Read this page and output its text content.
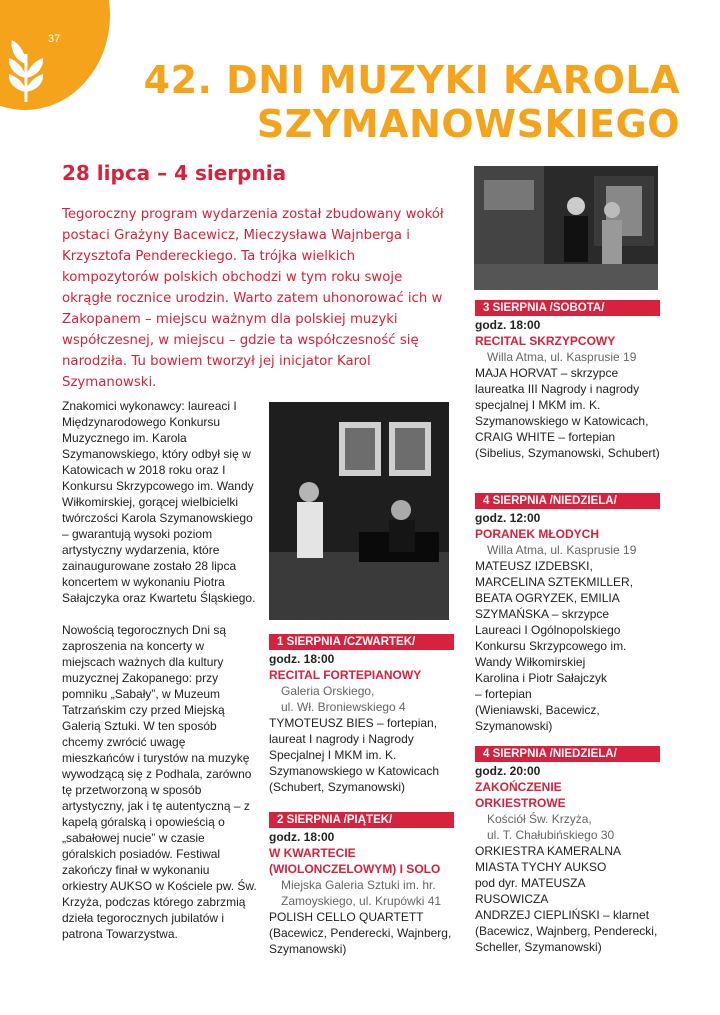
37
42. DNI MUZYKI KAROLA
SZYMANOWSKIEGO
28 lipca – 4 sierpnia

Tegoroczny program wydarzenia został zbudowany wokół postaci Grażyny Bacewicz, Mieczysława Wajnberga i Krzysztofa Pendereckiego. Ta trójka wielkich kompozytorów polskich obchodzi w tym roku swoje okrągłe rocznice urodzin. Warto zatem uhonorować ich w Zakopanem – miejscu ważnym dla polskiej muzyki współczesnej, w miejscu – gdzie ta współczesność się narodziła. Tu bowiem tworzył jej inicjator Karol Szymanowski.

Znakomici wykonawcy: laureaci I Międzynarodowego Konkursu Muzycznego im. Karola Szymanowskiego, który odbył się w Katowicach w 2018 roku oraz I Konkursu Skrzypcowego im. Wandy Wiłkomirskiej, gorącej wielbicielki twórczości Karola Szymanowskiego – gwarantują wysoki poziom artystyczny wydarzenia, które zainaugurowane zostało 28 lipca koncertem w wykonaniu Piotra Sałajczyka oraz Kwartetu Śląskiego.

Nowością tegorocznych Dni są zaproszenia na koncerty w miejscach ważnych dla kultury muzycznej Zakopanego: przy pomniku „Sabały”, w Muzeum Tatrzańskim czy przed Miejską Galerią Sztuki. W ten sposób chcemy zwrócić uwagę mieszkańców i turystów na muzykę wywodzącą się z Podhala, zarówno tę przetworzoną w sposób artystyczny, jak i tę autentyczną – z kapelą góralską i opowieścią o „sabałowej nucie” w czasie góralskich posiadów. Festiwal zakończy finał w wykonaniu orkiestry AUKSO w Kościele pw. Św. Krzyża, podczas którego zabrzmią dzieła tegorocznych jubilatów i patrona Towarzystwa.

1 SIERPNIA /CZWARTEK/
godz. 18:00
RECITAL FORTEPIANOWY
Galeria Orskiego,
ul. Wł. Broniewskiego 4
TYMOTEUSZ BIES – fortepian, laureat I nagrody i Nagrody Specjalnej I MKM im. K. Szymanowskiego w Katowicach
(Schubert, Szymanowski)
2 SIERPNIA /PIĄTEK/
godz. 18:00
W KWARTECIE
(WIOLONCZELOWYM) I SOLO
Miejska Galeria Sztuki im. hr. Zamoyskiego, ul. Krupówki 41
POLISH CELLO QUARTETT
(Bacewicz, Penderecki, Wajnberg, Szymanowski)
3 SIERPNIA /SOBOTA/
godz. 18:00
RECITAL SKRZYPCOWY
Willa Atma, ul. Kasprusie 19
MAJA HORVAT – skrzypce
laureatka III Nagrody i nagrody specjalnej I MKM im. K. Szymanowskiego w Katowicach,
CRAIG WHITE – fortepian
(Sibelius, Szymanowski, Schubert)
4 SIERPNIA /NIEDZIELA/
godz. 12:00
PORANEK MŁODYCH
Willa Atma, ul. Kasprusie 19
MATEUSZ IZDEBSKI, MARCELINA SZTEKMILLER, BEATA OGRYZEK, EMILIA SZYMAŃSKA – skrzypce
Laureaci I Ogólnopolskiego Konkursu Skrzypcowego im. Wandy Wiłkomirskiej
Karolina i Piotr Sałajczyk
– fortepian
(Wieniawski, Bacewicz, Szymanowski)
4 SIERPNIA /NIEDZIELA/
godz. 20:00
ZAKOŃCZENIE
ORKIESTROWE
Kościół Św. Krzyża,
ul. T. Chałubińskiego 30
ORKIESTRA KAMERALNA MIASTA TYCHY AUKSO
pod dyr. MATEUSZA RUSOWICZA
ANDRZEJ CIEPLIŃSKI – klarnet
(Bacewicz, Wajnberg, Penderecki, Scheller, Szymanowski)
